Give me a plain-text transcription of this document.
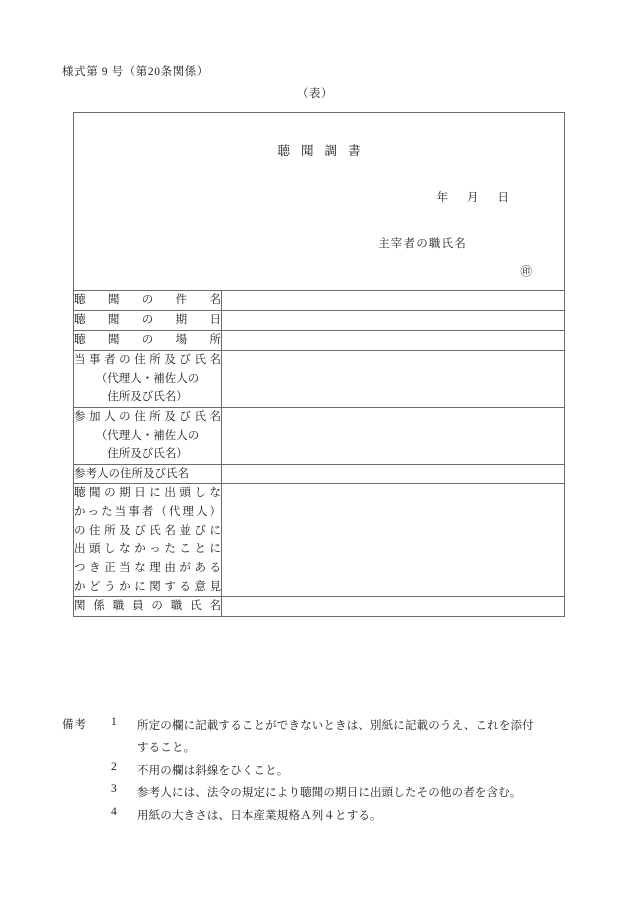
様式第 9 号（第20条関係）
（表）
聴聞調書
年月日
主宰者の職氏名
㊞	

聴聞の件名	

聴聞の期日	

聴聞の場所	

当事者の住所及び氏名
（代理人・補佐人の
住所及び氏名）	

参加人の住所及び氏名
（代理人・補佐人の
住所及び氏名）	

参考人の住所及び氏名	

聴聞の期日に出頭しな
かった当事者（代理人）
の住所及び氏名並びに
出頭しなかったことに
つき正当な理由がある
かどうかに関する意見

関係職員の職氏名	

備考	1	所定の欄に記載することができないときは、別紙に記載のうえ、これを添付

すること。
2	不用の欄は斜線をひくこと。
3	参考人には、法令の規定により聴聞の期日に出頭したその他の者を含む。
4	用紙の大きさは、日本産業規格Ａ列４とする。
